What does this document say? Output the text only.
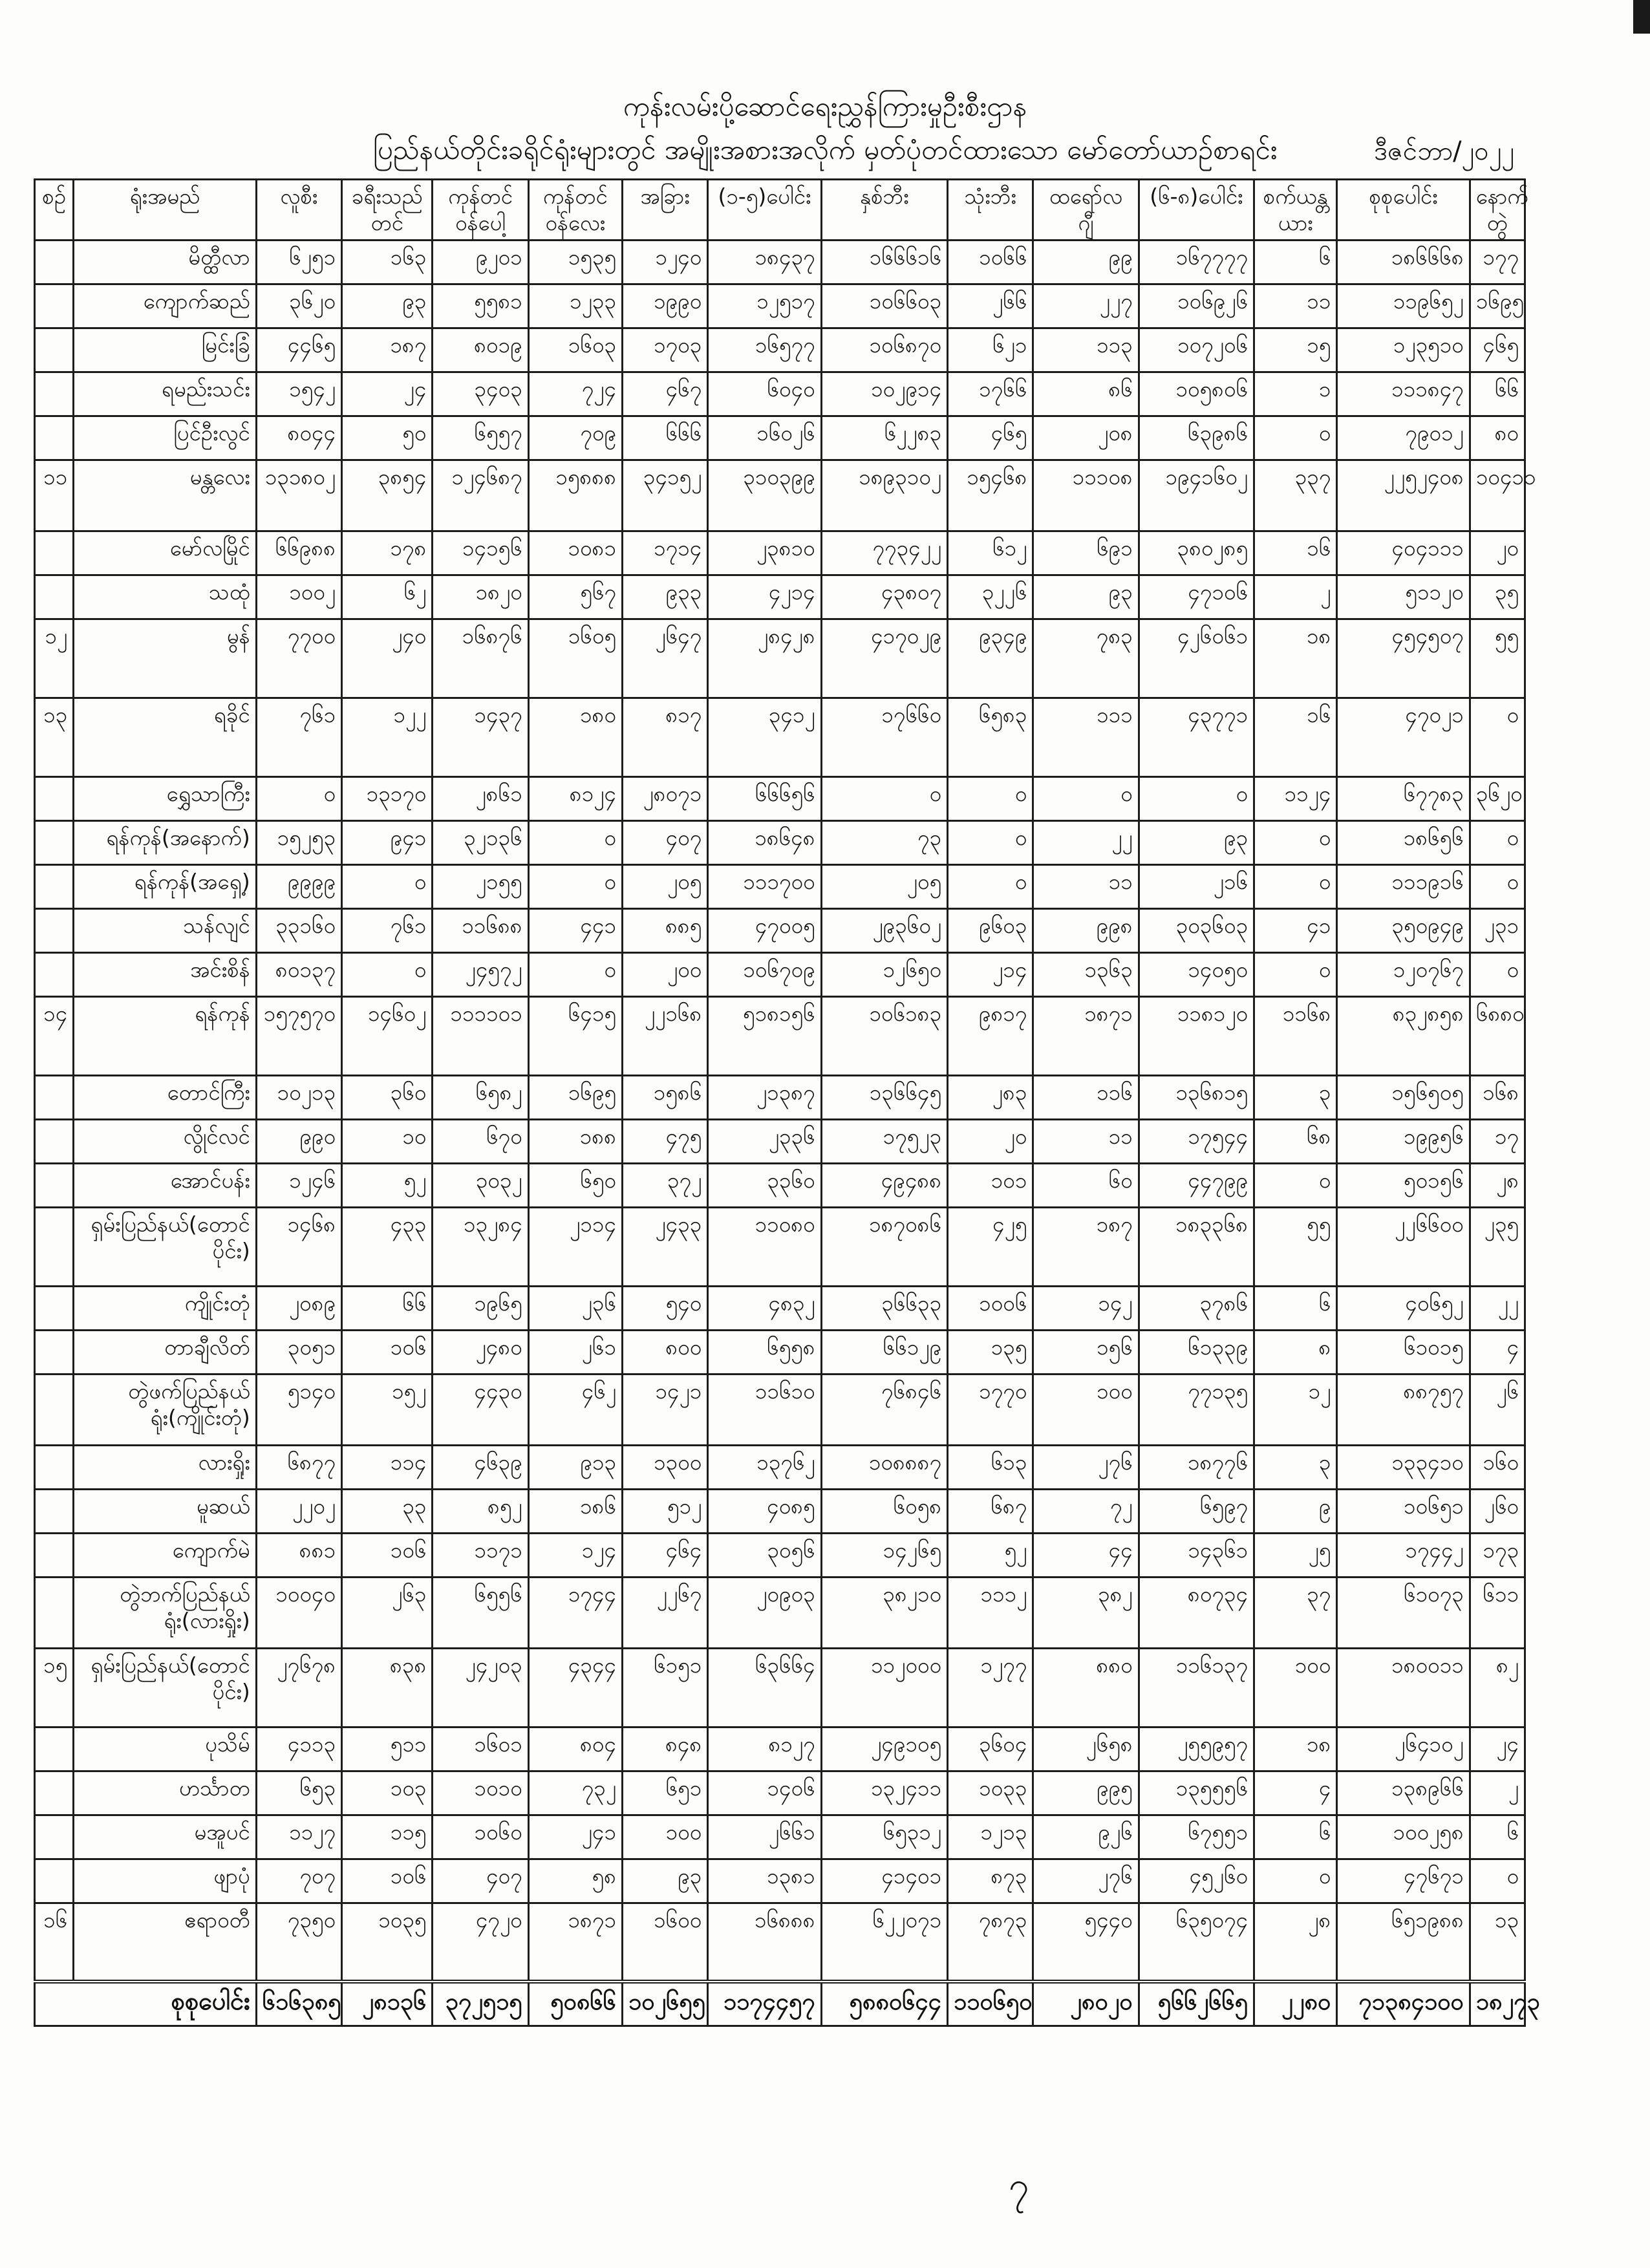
ကုန်းလမ်းပို့ဆောင်ရေးညွှန်ကြားမှုဦးစီးဌာန
ပြည်နယ်တိုင်းခရိုင်ရုံးများတွင် အမျိုးအစားအလိုက် မှတ်ပုံတင်ထားသော မော်တော်ယာဉ်စာရင်း	ဒီဇင်ဘာ/၂၀၂၂
စဉ်	ရုံးအမည်	လူစီး	ခရီးသည်တင်	ကုန်တင်ဝန်ပေါ့	ကုန်တင်ဝန်လေး	အခြား	(၁-၅)ပေါင်း	နှစ်ဘီး	သုံးဘီး	ထရော်လ ဂျီ	(၆-၈)ပေါင်း	စက်ယန္တယား	စုစုပေါင်း	နောက်တွဲ
	မိတ္ထီလာ	၆၂၅၁	၁၆၃	၉၂၀၁	၁၅၃၅	၁၂၄၀	၁၈၄၃၇	၁၆၆၆၁၆	၁၀၆၆	၉၉	၁၆၇၇၇၇	၆	၁၈၆၆၆၈	၁၇၇
	ကျောက်ဆည်	၃၆၂၀	၉၃	၅၅၈၁	၁၂၃၃	၁၉၉၀	၁၂၅၁၇	၁၀၆၆၀၃	၂၆၆	၂၂၇	၁၀၆၉၂၆	၁၁	၁၁၉၆၅၂	၁၆၉၅
	မြင်းခြံ	၄၄၆၅	၁၈၇	၈၀၁၉	၁၆၀၃	၁၇၀၃	၁၆၅၇၇	၁၀၆၈၇၀	၆၂၁	၁၁၃	၁၀၇၂၀၆	၁၅	၁၂၃၅၁၀	၄၆၅
	ရမည်းသင်း	၁၅၄၂	၂၄	၃၄၀၃	၇၂၄	၄၆၇	၆၀၄၀	၁၀၂၉၁၄	၁၇၆၆	၈၆	၁၀၅၈၀၆	၁	၁၁၁၈၄၇	၆၆
	ပြင်ဦးလွင်	၈၀၄၄	၅၀	၆၅၅၇	၇၀၉	၆၆၆	၁၆၀၂၆	၆၂၂၈၃	၄၆၅	၂၀၈	၆၃၉၈၆	၀	၇၉၀၁၂	၈၀
၁၁	မန္တလေး	၁၃၁၈၀၂	၃၈၅၄	၁၂၄၆၈၇	၁၅၈၈၈	၃၄၁၅၂	၃၁၀၃၉၉	၁၈၉၃၁၀၂	၁၅၄၆၈	၁၁၁၀၈	၁၉၄၁၆၀၂	၃၃၇	၂၂၅၂၄၀၈	၁၀၄၁၁
	မော်လမြိုင်	၆၆၉၈၈	၁၇၈	၁၄၁၅၆	၁၀၈၁	၁၇၁၄	၂၃၈၁၀	၇၇၃၄၂၂	၆၁၂	၆၉၁	၃၈၀၂၈၅	၁၆	၄၀၄၁၁၁	၂၀
	သထုံ	၁၀၀၂	၆၂	၁၈၂၀	၅၆၇	၉၃၃	၄၂၁၄	၄၃၈၀၇	၃၂၂၆	၉၃	၄၇၁၀၆	၂	၅၁၁၂၀	၃၅
၁၂	မွန်	၇၇၀၀	၂၄၀	၁၆၈၇၆	၁၆၀၅	၂၆၄၇	၂၈၄၂၈	၄၁၇၀၂၉	၉၃၄၉	၇၈၃	၄၂၆၀၆၁	၁၈	၄၅၄၅၀၇	၅၅
၁၃	ရခိုင်	၇၆၁	၁၂၂	၁၄၃၇	၁၈၀	၈၁၇	၃၄၁၂	၁၇၆၆၀	၆၅၈၃	၁၁၁	၄၃၇၇၁	၁၆	၄၇၀၂၁	၀
	ရွှေသာကြီး	၀	၁၃၁၇၀	၂၈၆၁	၈၁၂၄	၂၈၀၇၁	၆၆၆၅၆	၀	၀	၀	၀	၁၁၂၄	၆၇၇၈၃	၃၆၂၀
	ရန်ကုန်(အနောက်)	၁၅၂၅၃	၉၄၁	၃၂၁၃၆	၀	၄၀၇	၁၈၆၄၈	၇၃	၀	၂၂	၉၃	၀	၁၈၆၅၆	၀
	ရန်ကုန်(အရှေ့)	၉၉၉၉	၀	၂၁၅၅	၀	၂၀၅	၁၁၁၇၀၀	၂၀၅	၀	၁၁	၂၁၆	၀	၁၁၁၉၁၆	၀
	သန်လျင်	၃၃၁၆၀	၇၆၁	၁၁၆၈၈	၄၄၁	၈၈၅	၄၇၀၀၅	၂၉၃၆၀၂	၉၆၀၃	၉၉၈	၃၀၃၆၀၃	၄၁	၃၅၀၉၄၉	၂၃၁
	အင်းစိန်	၈၀၁၃၇	၀	၂၄၅၇၂	၀	၂၀၀	၁၀၆၇၀၉	၁၂၆၅၀	၂၁၄	၁၃၆၃	၁၄၀၅၀	၀	၁၂၀၇၆၇	၀
၁၄	ရန်ကုန်	၁၅၇၅၇၀	၁၄၆၀၂	၁၁၁၁၀၁	၆၄၁၅	၂၂၁၆၈	၅၁၈၁၅၆	၁၀၆၁၈၃	၉၈၁၇	၁၈၇၁	၁၁၈၁၂၀	၁၁၆၈	၈၃၂၈၅၈	၆၈၈၀
	တောင်ကြီး	၁၀၂၁၃	၃၆၀	၆၅၈၂	၁၆၉၅	၁၅၈၆	၂၁၃၈၇	၁၃၆၆၄၅	၂၈၃	၁၁၆	၁၃၆၈၁၅	၃	၁၅၆၅၀၅	၁၆၈
	လွိုင်လင်	၉၉၀	၁၀	၆၇၀	၁၈၈	၄၇၅	၂၃၃၆	၁၇၅၂၃	၂၀	၁၁	၁၇၅၄၄	၆၈	၁၉၉၅၆	၁၇
	အောင်ပန်း	၁၂၄၆	၅၂	၃၀၃၂	၆၅၀	၃၇၂	၃၃၆၀	၄၉၄၈၈	၁၀၁	၆၀	၄၄၇၉၉	၀	၅၀၁၅၆	၂၈
	ရှမ်းပြည်နယ်(တောင်ပိုင်း)	၁၄၆၈	၄၃၃	၁၃၂၈၄	၂၁၁၄	၂၄၃၃	၁၁၀၈၀	၁၈၇၀၈၆	၄၂၅	၁၈၇	၁၈၃၃၆၈	၅၅	၂၂၆၆၀၀	၂၃၅
	ကျိုင်းတုံ	၂၀၈၉	၆၆	၁၉၆၅	၂၃၆	၅၄၀	၄၈၃၂	၃၆၆၃၃	၁၀၀၆	၁၄၂	၃၇၈၆	၆	၄၀၆၅၂	၂၂
	တာချီလိတ်	၃၀၅၁	၁၀၆	၂၄၈၀	၂၆၁	၈၀၀	၆၅၅၈	၆၆၁၂၉	၁၃၅	၁၅၆	၆၁၃၃၉	၈	၆၁၀၁၅	၄
	တွဲဖက်ပြည်နယ်ရုံး(ကျိုင်းတုံ)	၅၁၄၀	၁၅၂	၄၄၃၀	၄၆၂	၁၄၂၁	၁၁၆၁၀	၇၆၈၄၆	၁၇၇၀	၁၀၀	၇၇၁၃၅	၁၂	၈၈၇၅၇	၂၆
	လားရှိုး	၆၈၇၇	၁၁၄	၄၆၃၉	၉၁၃	၁၃၀၀	၁၃၇၆၂	၁၀၈၈၈၇	၆၁၃	၂၇၆	၁၈၇၇၆	၃	၁၃၃၄၁၀	၁၆၀
	မူဆယ်	၂၂၀၂	၃၃	၈၅၂	၁၈၆	၅၁၂	၄၀၈၅	၆၀၅၈	၆၈၇	၇၂	၆၅၉၇	၉	၁၀၆၅၁	၂၆၀
	ကျောက်မဲ	၈၈၁	၁၀၆	၁၁၇၁	၁၂၄	၄၆၄	၃၀၅၆	၁၄၂၆၅	၅၂	၄၄	၁၄၃၆၁	၂၅	၁၇၄၄၂	၁၇၃
	တွဲဘက်ပြည်နယ်ရုံး(လားရှိုး)	၁၀၀၄၀	၂၆၃	၆၅၅၆	၁၇၄၄	၂၂၆၇	၂၀၉၀၃	၃၈၂၁၀	၁၁၁၂	၃၈၂	၈၀၇၃၄	၃၇	၆၁၀၇၃	၆၁၁
၁၅	ရှမ်းပြည်နယ်(တောင်ပိုင်း)	၂၇၆၇၈	၈၃၈	၂၄၂၀၃	၄၃၄၄	၆၁၅၁	၆၃၆၆၄	၁၁၂၀၀၀	၁၂၇၇	၈၈၀	၁၁၆၁၃၇	၁၀၀	၁၈၀၀၁၁	၈၂
	ပုသိမ်	၄၁၁၃	၅၁၁	၁၆၀၁	၈၀၄	၈၄၈	၈၁၂၇	၂၄၉၁၀၅	၃၆၀၄	၂၆၅၈	၂၅၅၉၅၇	၁၈	၂၆၄၁၀၂	၂၄
	ဟင်္သာတ	၆၅၃	၁၀၃	၁၀၁၀	၇၃၂	၆၅၁	၁၄၀၆	၁၃၂၄၁၁	၁၀၃၃	၉၉၅	၁၃၅၅၅၆	၄	၁၃၈၉၆၆	၂
	မအူပင်	၁၁၂၇	၁၁၅	၁၀၆၀	၂၄၁	၁၀၀	၂၆၆၁	၆၅၃၁၂	၁၂၁၃	၉၂၆	၆၇၅၅၁	၆	၁၀၀၂၅၈	၆
	ဖျာပုံ	၇၀၇	၁၀၆	၄၀၇	၅၈	၉၃	၁၃၈၁	၄၁၄၀၁	၈၇၃	၂၇၆	၄၅၂၆၀	၀	၄၇၆၇၁	၀
၁၆	ဧရာဝတီ	၇၃၅၀	၁၀၃၅	၄၇၂၀	၁၈၇၁	၁၆၀၀	၁၆၈၈၈	၆၂၂၀၇၁	၇၈၇၃	၅၄၄၀	၆၃၅၀၇၄	၂၈	၆၅၁၉၈၈	၁၃
စုစုပေါင်း		၆၁၆၃၈၅	၂၈၁၃၆	၃၇၂၅၁၅	၅၀၈၆၆	၁၀၂၆၅၅	၁၁၇၄၄၅၇	၅၈၈၀၆၄၄	၁၁၀၆၅၀	၂၈၀၂၀	၅၆၆၂၆၆၅	၂၂၈၀	၇၁၃၈၄၁၀၀	၁၈၂၇၃
၇
